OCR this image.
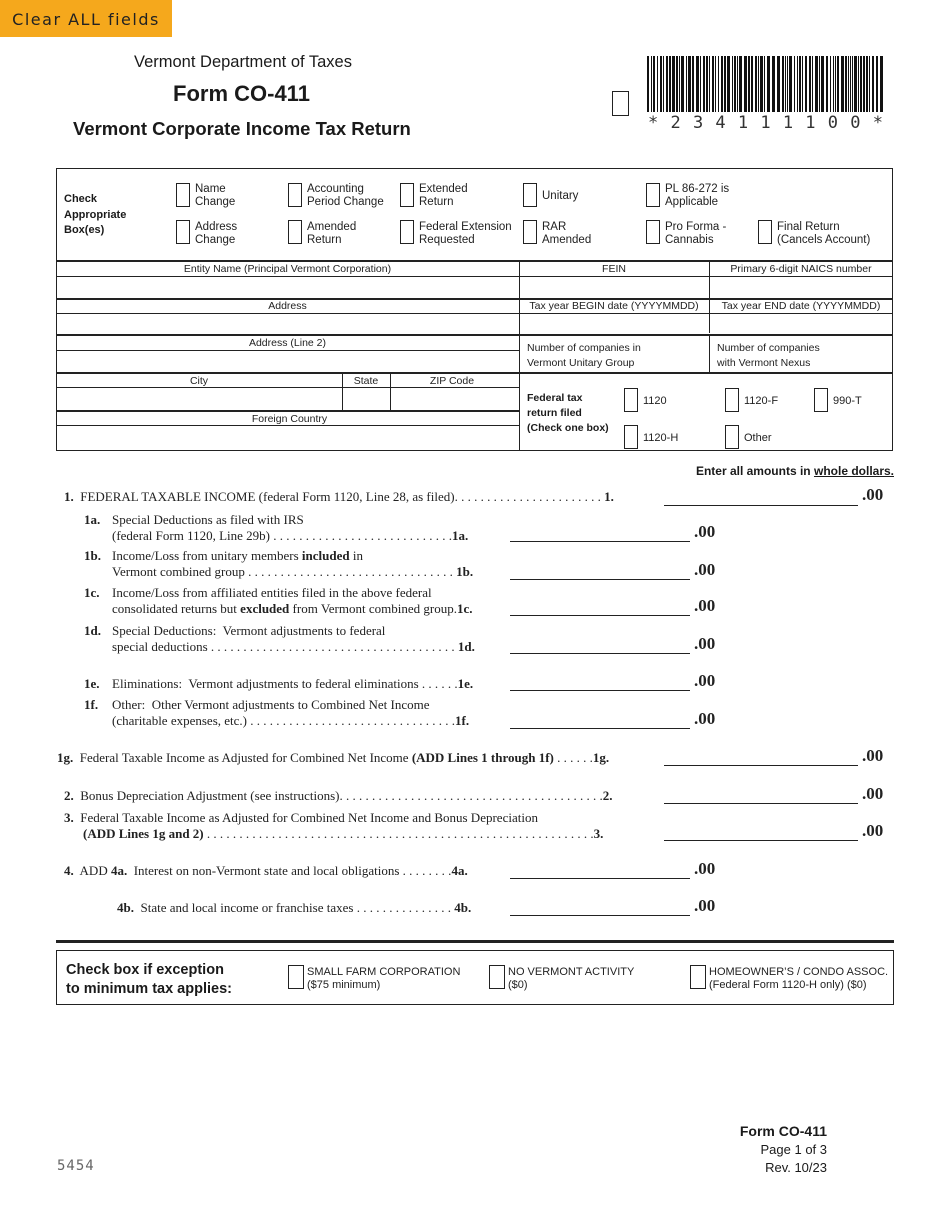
Clear ALL fields
Vermont Department of Taxes
Form CO-411
Vermont Corporate Income Tax Return	* 2 3 4 1 1 1 1 0 0 *
Check
Appropriate
Box(es)
Name
Change
Accounting
Period Change
Extended
Return	Unitary
PL 86-272 is
Applicable
Address
Change
Amended
Return
Federal Extension
Requested
RAR
Amended
Pro Forma -
Cannabis
Final Return
(Cancels Account)
Entity Name (Principal Vermont Corporation)	FEIN	Primary 6-digit NAICS number
Address	Tax year BEGIN date (YYYYMMDD)	Tax year END date (YYYYMMDD)
Address (Line 2)	Number of companies in
Vermont Unitary Group
Number of companies
with Vermont Nexus
City	State	ZIP Code
Foreign Country
Federal tax
return filed
(Check one box)
1120	1120-F	990-T
1120-H	Other
Enter all amounts in whole dollars.
1. FEDERAL TAXABLE INCOME (federal Form 1120, Line 28, as filed). . . . . . . . . . . . . . . . . . . . . . . 1.	.00
1a. Special Deductions as filed with IRS
(federal Form 1120, Line 29b) . . . . . . . . . . . . . . . . . . . . . . . . . . . .1a.	.00
1b. Income/Loss from unitary members included in
Vermont combined group . . . . . . . . . . . . . . . . . . . . . . . . . . . . . . . . 1b.	.00
1c. Income/Loss from affiliated entities filed in the above federal
consolidated returns but excluded from Vermont combined group.1c.	.00
1d. Special Deductions:  Vermont adjustments to federal
special deductions . . . . . . . . . . . . . . . . . . . . . . . . . . . . . . . . . . . . . . 1d.	.00
1e. Eliminations:  Vermont adjustments to federal eliminations . . . . . .1e.	.00
1f. Other:  Other Vermont adjustments to Combined Net Income
(charitable expenses, etc.) . . . . . . . . . . . . . . . . . . . . . . . . . . . . . . . .1f.	.00
1g. Federal Taxable Income as Adjusted for Combined Net Income (ADD Lines 1 through 1f) . . . . . .1g.	.00
2. Bonus Depreciation Adjustment (see instructions). . . . . . . . . . . . . . . . . . . . . . . . . . . . . . . . . . . . . . . . .2.	.00
3. Federal Taxable Income as Adjusted for Combined Net Income and Bonus Depreciation
(ADD Lines 1g and 2) . . . . . . . . . . . . . . . . . . . . . . . . . . . . . . . . . . . . . . . . . . . . . . . . . . . . . . . . . . . .3.	.00
4. ADD 4a.  Interest on non-Vermont state and local obligations . . . . . . . .4a.	.00
4b.  State and local income or franchise taxes . . . . . . . . . . . . . . . 4b.	.00
Check box if exception
to minimum tax applies:
SMALL FARM CORPORATION
($75 minimum)
NO VERMONT ACTIVITY
($0)
HOMEOWNER’S / CONDO ASSOC.
(Federal Form 1120-H only) ($0)
Form CO-411
Page 1 of 3
Rev. 10/23
5454
